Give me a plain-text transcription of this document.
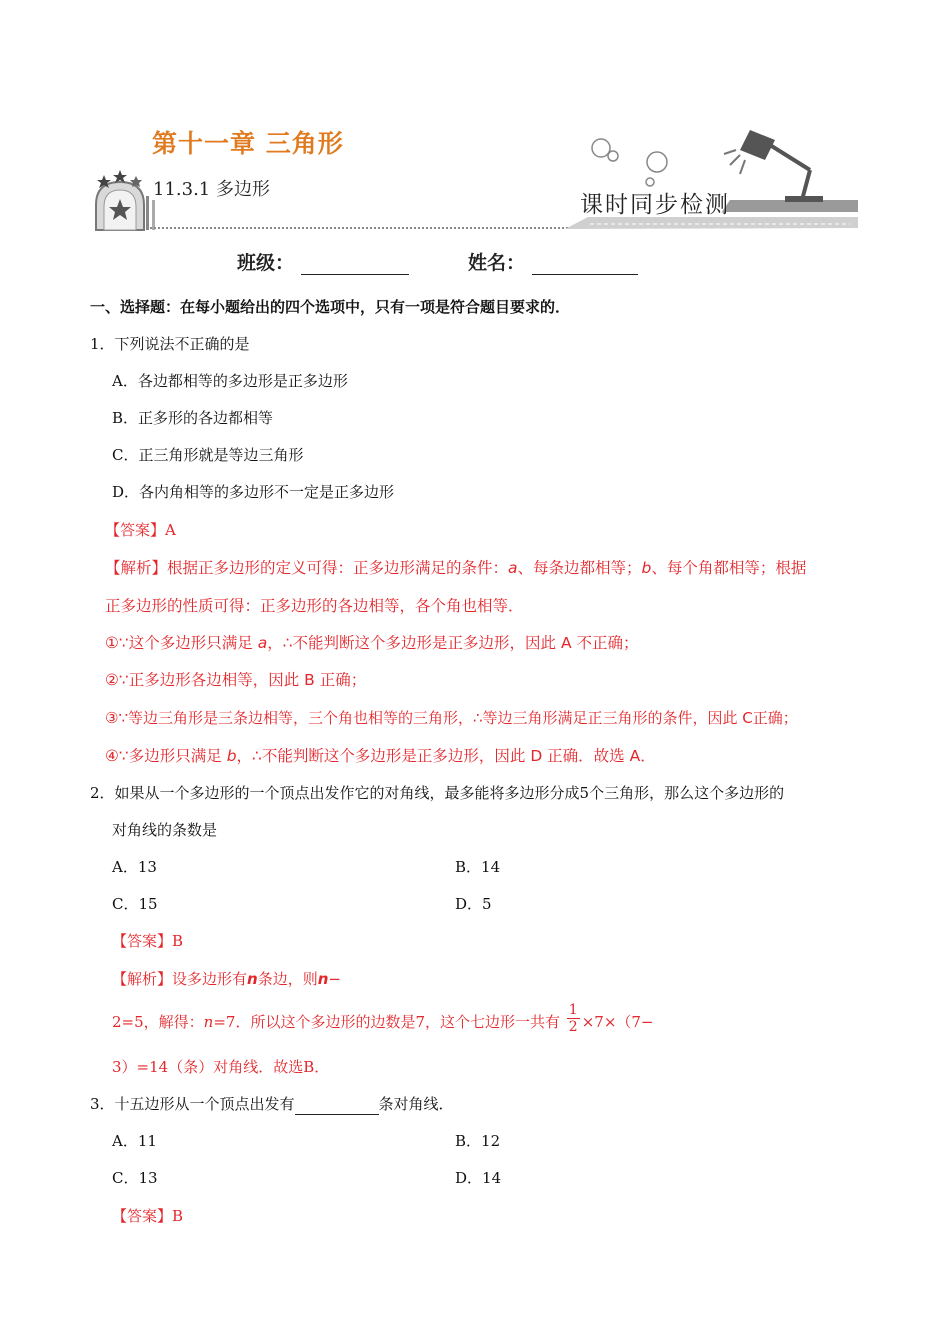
第十一章 三角形
11.3.1 多边形
课时同步检测
班级：	姓名：
一、选择题：在每小题给出的四个选项中，只有一项是符合题目要求的．
1．下列说法不正确的是
A．各边都相等的多边形是正多边形
B．正多形的各边都相等
C．正三角形就是等边三角形
D．各内角相等的多边形不一定是正多边形
【答案】A
【解析】根据正多边形的定义可得：正多边形满足的条件：a、每条边都相等；b、每个角都相等；根据
正多边形的性质可得：正多边形的各边相等，各个角也相等．
①∵这个多边形只满足 a，∴不能判断这个多边形是正多边形，因此 A 不正确；
②∵正多边形各边相等，因此 B 正确；
③∵等边三角形是三条边相等，三个角也相等的三角形，∴等边三角形满足正三角形的条件，因此 C正确；
④∵多边形只满足 b，∴不能判断这个多边形是正多边形，因此 D 正确．故选 A．
2．如果从一个多边形的一个顶点出发作它的对角线，最多能将多边形分成5个三角形，那么这个多边形的
对角线的条数是
A．13	B．14
C．15	D．5
【答案】B
【解析】设多边形有n条边，则n−
2=5，解得：n=7．所以这个多边形的边数是7，这个七边形一共有 $\frac{1}{2} \times 7\times(7-$
3）=14（条）对角线．故选B．
3．十五边形从一个顶点出发有	条对角线．
A．11	B．12
C．13	D．14
【答案】B
